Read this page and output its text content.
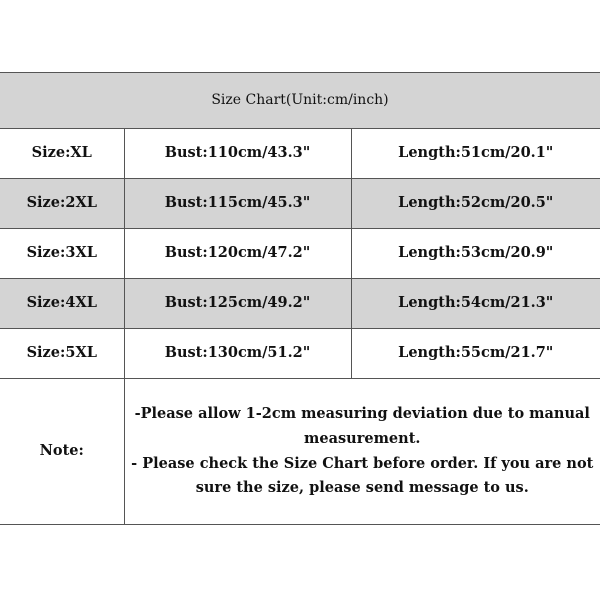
Size Chart(Unit:cm/inch)		
Size:XL	Bust:110cm/43.3"	Length:51cm/20.1"
Size:2XL	Bust:115cm/45.3"	Length:52cm/20.5"
Size:3XL	Bust:120cm/47.2"	Length:53cm/20.9"
Size:4XL	Bust:125cm/49.2"	Length:54cm/21.3"
Size:5XL	Bust:130cm/51.2"	Length:55cm/21.7"
Note:	-Please allow 1-2cm measuring deviation due to manual measurement.
- Please check the Size Chart before order. If you are not sure the size, please send message to us.	
